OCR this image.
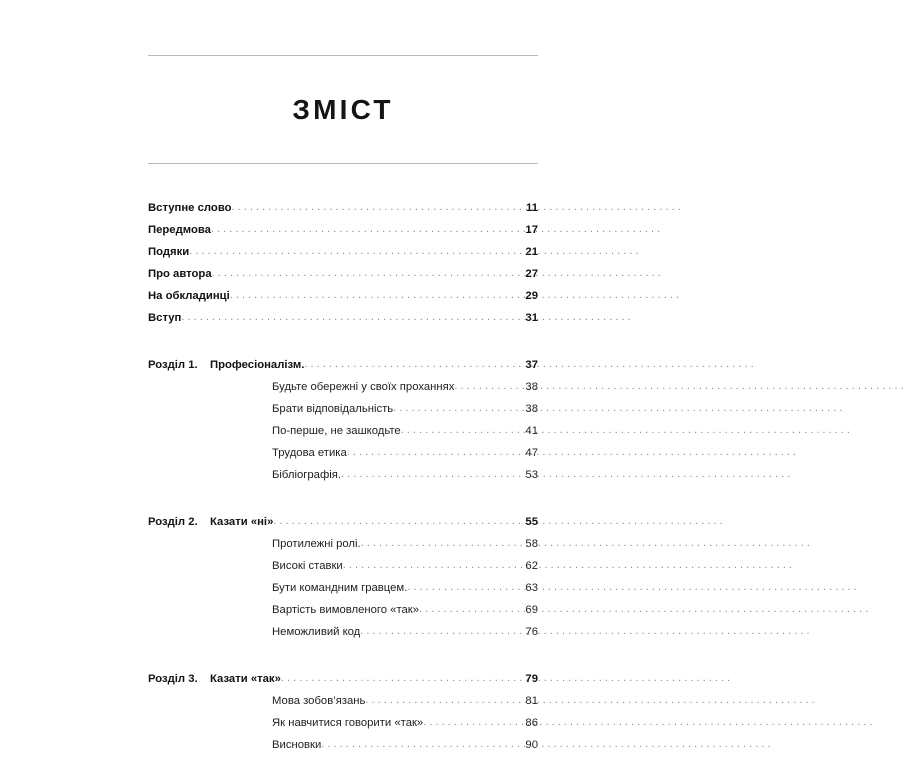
ЗМІСТ
Вступне слово . . .	11
Передмова . . .	17
Подяки . . .	21
Про автора . . .	27
На обкладинці . . .	29
Вступ . . .	31
Розділ 1.	Професіоналізм. . . .	37
Будьте обережні у своїх проханнях . . .	38
Брати відповідальність . . .	38
По-перше, не зашкодьте . . .	41
Трудова етика . . .	47
Бібліографія. . . .	53
Розділ 2.	Казати «ні» . . .	55
Протилежні ролі. . . .	58
Високі ставки . . .	62
Бути командним гравцем. . . .	63
Вартість вимовленого «так» . . .	69
Неможливий код . . .	76
Розділ 3.	Казати «так» . . .	79
Мова зобов’язань . . .	81
Як навчитися говорити «так» . . .	86
Висновки . . .	90
